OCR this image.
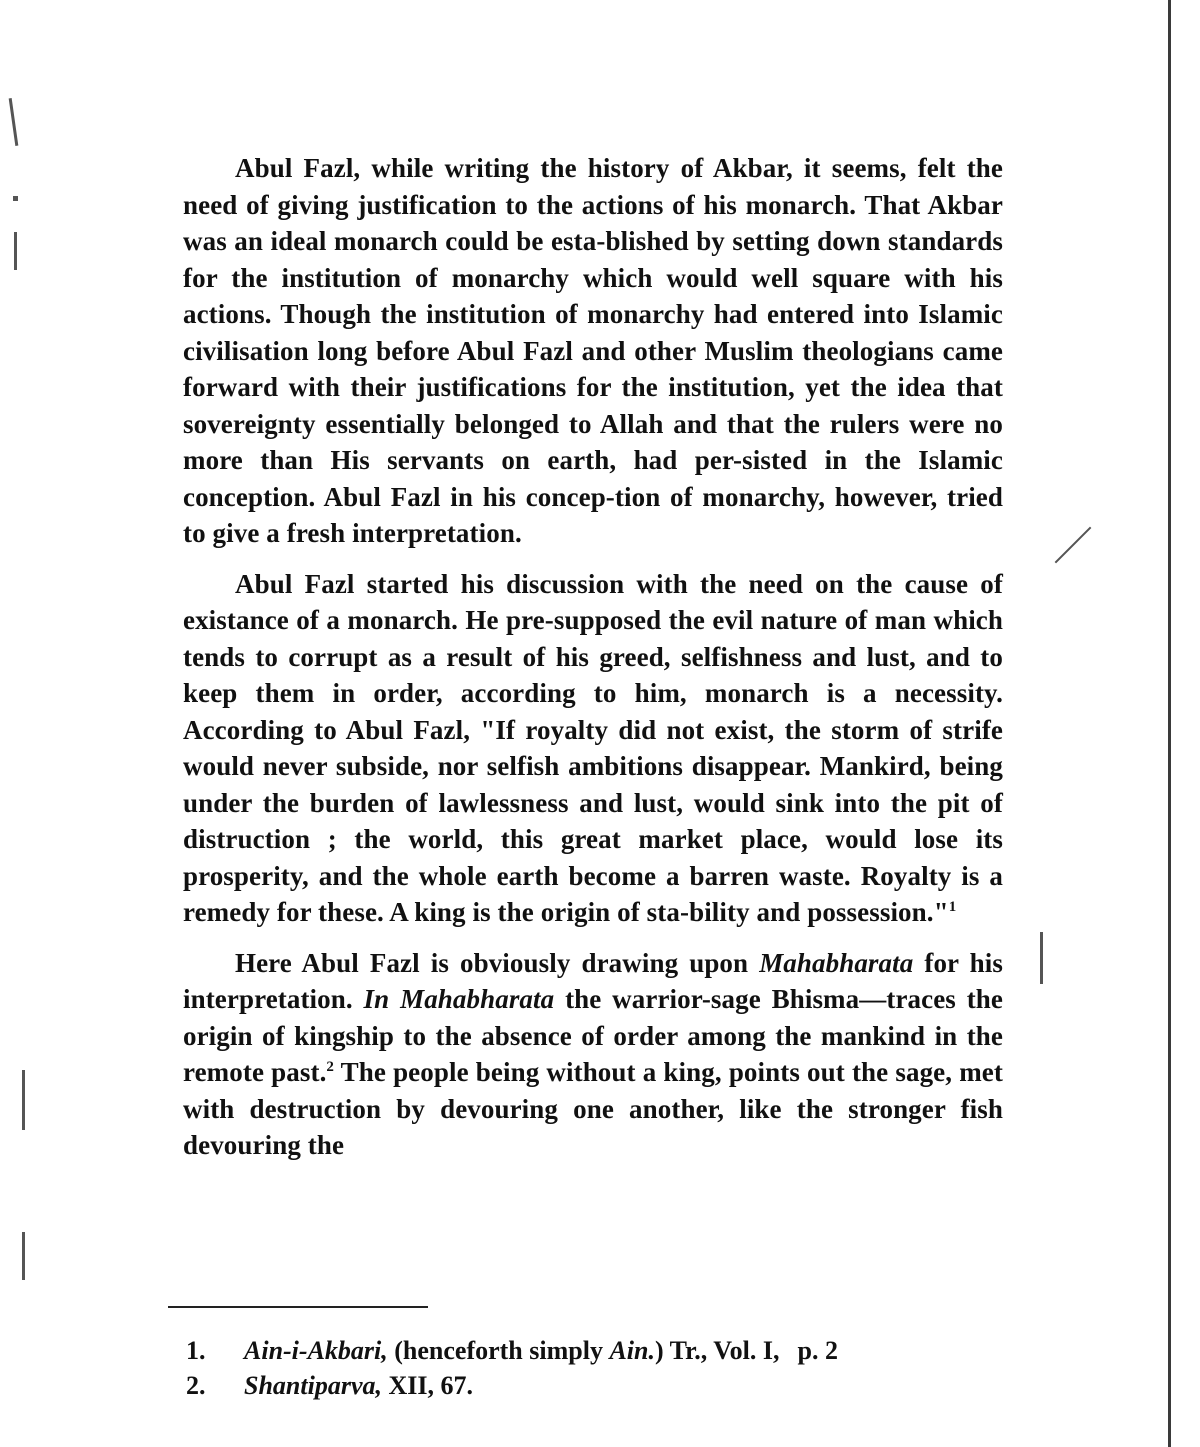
Abul Fazl, while writing the history of Akbar, it seems, felt the need of giving justification to the actions of his monarch. That Akbar was an ideal monarch could be esta-blished by setting down standards for the institution of monarchy which would well square with his actions. Though the institution of monarchy had entered into Islamic civilisation long before Abul Fazl and other Muslim theologians came forward with their justifications for the institution, yet the idea that sovereignty essentially belonged to Allah and that the rulers were no more than His servants on earth, had per-sisted in the Islamic conception. Abul Fazl in his concep-tion of monarchy, however, tried to give a fresh interpretation.

Abul Fazl started his discussion with the need on the cause of existance of a monarch. He pre-supposed the evil nature of man which tends to corrupt as a result of his greed, selfishness and lust, and to keep them in order, according to him, monarch is a necessity. According to Abul Fazl, "If royalty did not exist, the storm of strife would never subside, nor selfish ambitions disappear. Mankird, being under the burden of lawlessness and lust, would sink into the pit of distruction ; the world, this great market place, would lose its prosperity, and the whole earth become a barren waste. Royalty is a remedy for these. A king is the origin of sta-bility and possession."$^1$

Here Abul Fazl is obviously drawing upon Mahabharata for his interpretation. In Mahabharata the warrior-sage Bhisma—traces the origin of kingship to the absence of order among the mankind in the remote past.$^2$ The people being without a king, points out the sage, met with destruction by devouring one another, like the stronger fish devouring the

1.	Ain-i-Akbari, (henceforth simply Ain.) Tr., Vol. I, p. 2
2.	Shantiparva, XII, 67.
